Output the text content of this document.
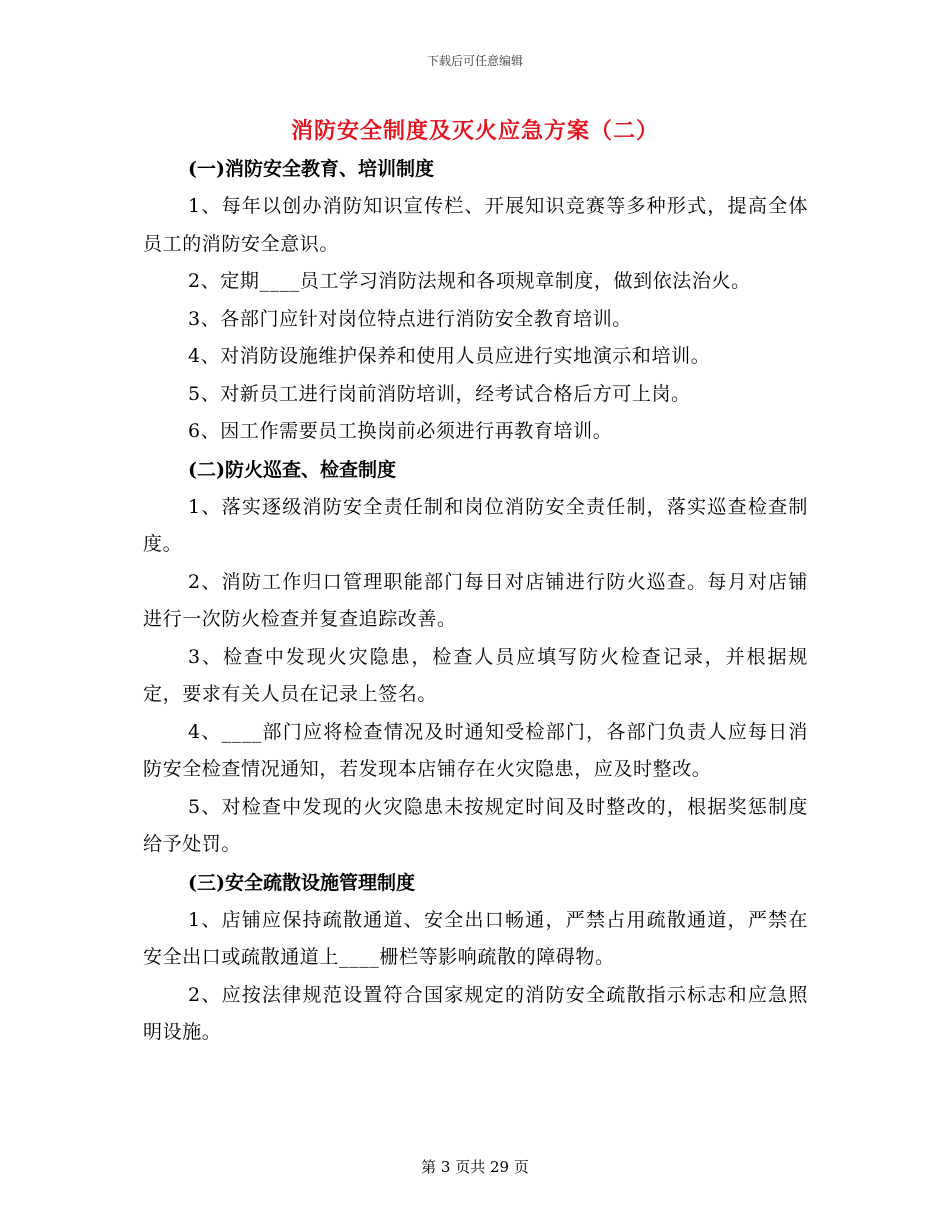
下载后可任意编辑
消防安全制度及灭火应急方案（二）

(一)消防安全教育、培训制度

1、每年以创办消防知识宣传栏、开展知识竞赛等多种形式，提高全体员工的消防安全意识。

2、定期____员工学习消防法规和各项规章制度，做到依法治火。

3、各部门应针对岗位特点进行消防安全教育培训。

4、对消防设施维护保养和使用人员应进行实地演示和培训。

5、对新员工进行岗前消防培训，经考试合格后方可上岗。

6、因工作需要员工换岗前必须进行再教育培训。

(二)防火巡查、检查制度

1、落实逐级消防安全责任制和岗位消防安全责任制，落实巡查检查制度。

2、消防工作归口管理职能部门每日对店铺进行防火巡查。每月对店铺进行一次防火检查并复查追踪改善。

3、检查中发现火灾隐患，检查人员应填写防火检查记录，并根据规定，要求有关人员在记录上签名。

4、____部门应将检查情况及时通知受检部门，各部门负责人应每日消防安全检查情况通知，若发现本店铺存在火灾隐患，应及时整改。

5、对检查中发现的火灾隐患未按规定时间及时整改的，根据奖惩制度给予处罚。

(三)安全疏散设施管理制度

1、店铺应保持疏散通道、安全出口畅通，严禁占用疏散通道，严禁在安全出口或疏散通道上____栅栏等影响疏散的障碍物。

2、应按法律规范设置符合国家规定的消防安全疏散指示标志和应急照明设施。

第 3 页共 29 页
